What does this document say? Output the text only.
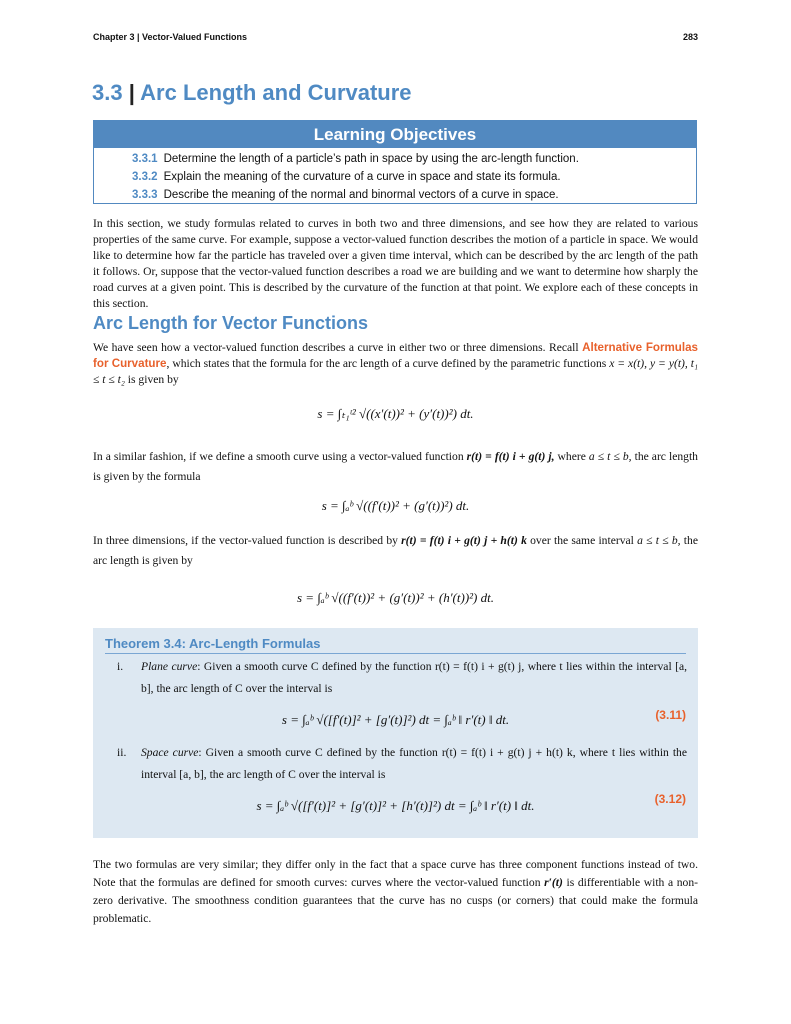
Chapter 3 | Vector-Valued Functions	283
3.3 | Arc Length and Curvature
Learning Objectives
3.3.1 Determine the length of a particle’s path in space by using the arc-length function.
3.3.2 Explain the meaning of the curvature of a curve in space and state its formula.
3.3.3 Describe the meaning of the normal and binormal vectors of a curve in space.
In this section, we study formulas related to curves in both two and three dimensions, and see how they are related to various properties of the same curve. For example, suppose a vector-valued function describes the motion of a particle in space. We would like to determine how far the particle has traveled over a given time interval, which can be described by the arc length of the path it follows. Or, suppose that the vector-valued function describes a road we are building and we want to determine how sharply the road curves at a given point. This is described by the curvature of the function at that point. We explore each of these concepts in this section.
Arc Length for Vector Functions
We have seen how a vector-valued function describes a curve in either two or three dimensions. Recall Alternative Formulas for Curvature, which states that the formula for the arc length of a curve defined by the parametric functions x = x(t), y = y(t), t₁ ≤ t ≤ t₂ is given by
s = ∫ₜ₁ᵗ² √((x′(t))² + (y′(t))²) dt.
In a similar fashion, if we define a smooth curve using a vector-valued function r(t) = f(t) i + g(t) j, where a ≤ t ≤ b, the arc length is given by the formula
s = ∫ₐᵇ √((f′(t))² + (g′(t))²) dt.
In three dimensions, if the vector-valued function is described by r(t) = f(t) i + g(t) j + h(t) k over the same interval a ≤ t ≤ b, the arc length is given by
s = ∫ₐᵇ √((f′(t))² + (g′(t))² + (h′(t))²) dt.
Theorem 3.4: Arc-Length Formulas
i. Plane curve: Given a smooth curve C defined by the function r(t) = f(t) i + g(t) j, where t lies within the interval [a, b], the arc length of C over the interval is
s = ∫ₐᵇ √([f′(t)]² + [g′(t)]²) dt = ∫ₐᵇ ‖ r′(t) ‖ dt.	(3.11)
ii. Space curve: Given a smooth curve C defined by the function r(t) = f(t) i + g(t) j + h(t) k, where t lies within the interval [a, b], the arc length of C over the interval is
s = ∫ₐᵇ √([f′(t)]² + [g′(t)]² + [h′(t)]²) dt = ∫ₐᵇ ‖ r′(t) ‖ dt.	(3.12)
The two formulas are very similar; they differ only in the fact that a space curve has three component functions instead of two. Note that the formulas are defined for smooth curves: curves where the vector-valued function r′(t) is differentiable with a non-zero derivative. The smoothness condition guarantees that the curve has no cusps (or corners) that could make the formula problematic.
